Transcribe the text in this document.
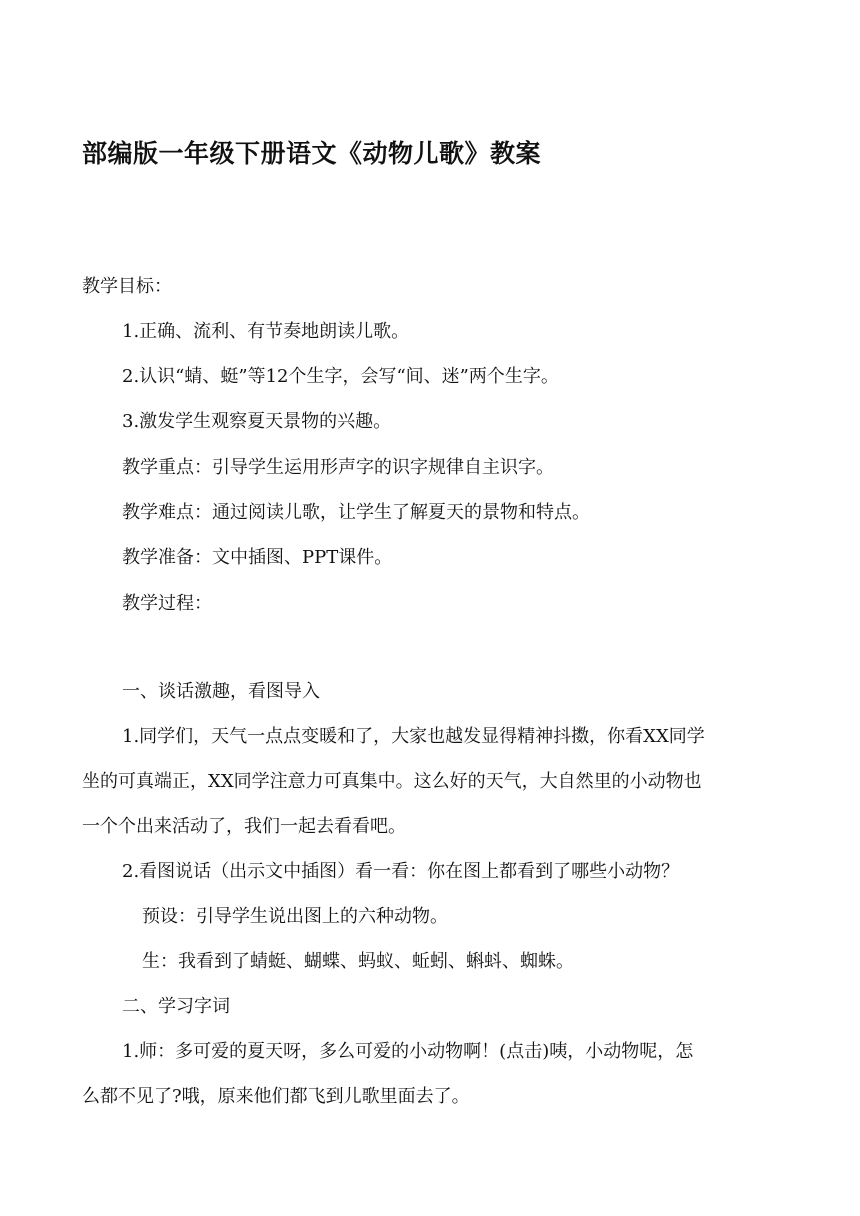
部编版一年级下册语文《动物儿歌》教案

教学目标：

1.正确、流利、有节奏地朗读儿歌。

2.认识“蜻、蜓”等12个生字，会写“间、迷”两个生字。

3.激发学生观察夏天景物的兴趣。

教学重点：引导学生运用形声字的识字规律自主识字。

教学难点：通过阅读儿歌，让学生了解夏天的景物和特点。

教学准备：文中插图、PPT课件。

教学过程：

一、谈话激趣，看图导入

1.同学们，天气一点点变暖和了，大家也越发显得精神抖擞，你看XX同学

坐的可真端正，XX同学注意力可真集中。这么好的天气，大自然里的小动物也

一个个出来活动了，我们一起去看看吧。

2.看图说话（出示文中插图）看一看：你在图上都看到了哪些小动物？

预设：引导学生说出图上的六种动物。

生：我看到了蜻蜓、蝴蝶、蚂蚁、蚯蚓、蝌蚪、蜘蛛。

二、学习字词

1.师：多可爱的夏天呀，多么可爱的小动物啊！(点击)咦，小动物呢，怎

么都不见了?哦，原来他们都飞到儿歌里面去了。
